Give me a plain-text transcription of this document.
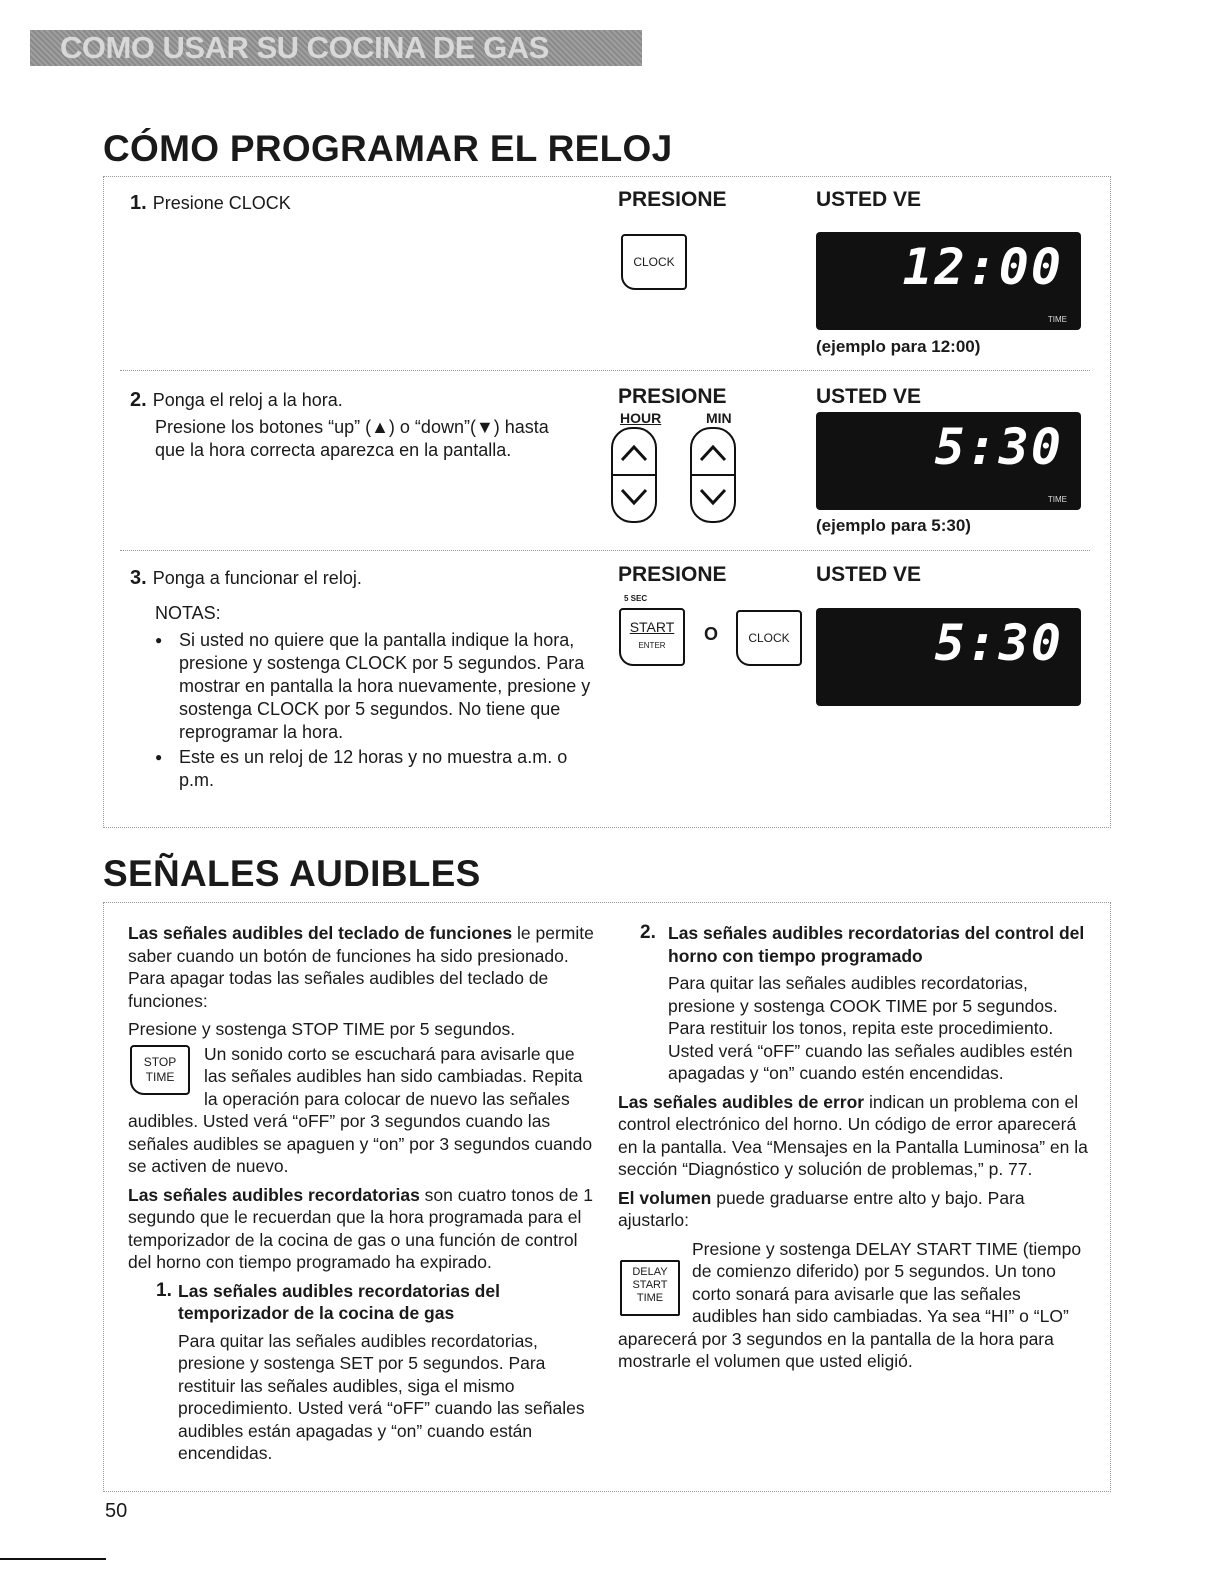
COMO USAR SU COCINA DE GAS
CÓMO PROGRAMAR EL RELOJ
1. Presione CLOCK	PRESIONE	USTED VE
CLOCK	12:00
TIME
(ejemplo para 12:00)
2. Ponga el reloj a la hora.
Presione los botones “up” (▲) o “down”(▼) hasta que la hora correcta aparezca en la pantalla.
PRESIONE	USTED VE
HOUR	MIN	5:30
TIME
(ejemplo para 5:30)
3. Ponga a funcionar el reloj.
NOTAS:
● Si usted no quiere que la pantalla indique la hora, presione y sostenga CLOCK por 5 segundos. Para mostrar en pantalla la hora nuevamente, presione y sostenga CLOCK por 5 segundos. No tiene que reprogramar la hora.
● Este es un reloj de 12 horas y no muestra a.m. o p.m.
PRESIONE	USTED VE
5 SEC
START
ENTER
O	CLOCK	5:30
SEÑALES AUDIBLES
Las señales audibles del teclado de funciones le permite saber cuando un botón de funciones ha sido presionado. Para apagar todas las señales audibles del teclado de funciones:
Presione y sostenga STOP TIME por 5 segundos.
STOP
TIME
Un sonido corto se escuchará para avisarle que las señales audibles han sido cambiadas. Repita la operación para colocar de nuevo las señales audibles. Usted verá “oFF” por 3 segundos cuando las señales audibles se apaguen y “on” por 3 segundos cuando se activen de nuevo.
Las señales audibles recordatorias son cuatro tonos de 1 segundo que le recuerdan que la hora programada para el temporizador de la cocina de gas o una función de control del horno con tiempo programado ha expirado.
1. Las señales audibles recordatorias del temporizador de la cocina de gas
Para quitar las señales audibles recordatorias, presione y sostenga SET por 5 segundos. Para restituir las señales audibles, siga el mismo procedimiento. Usted verá “oFF” cuando las señales audibles están apagadas y “on” cuando están encendidas.
2. Las señales audibles recordatorias del control del horno con tiempo programado
Para quitar las señales audibles recordatorias, presione y sostenga COOK TIME por 5 segundos. Para restituir los tonos, repita este procedimiento. Usted verá “oFF” cuando las señales audibles estén apagadas y “on” cuando estén encendidas.
Las señales audibles de error indican un problema con el control electrónico del horno. Un código de error aparecerá en la pantalla. Vea “Mensajes en la Pantalla Luminosa” en la sección “Diagnóstico y solución de problemas,” p. 77.
El volumen puede graduarse entre alto y bajo. Para ajustarlo:
DELAY
START
TIME
Presione y sostenga DELAY START TIME (tiempo de comienzo diferido) por 5 segundos. Un tono corto sonará para avisarle que las señales audibles han sido cambiadas. Ya sea “HI” o “LO” aparecerá por 3 segundos en la pantalla de la hora para mostrarle el volumen que usted eligió.
50
